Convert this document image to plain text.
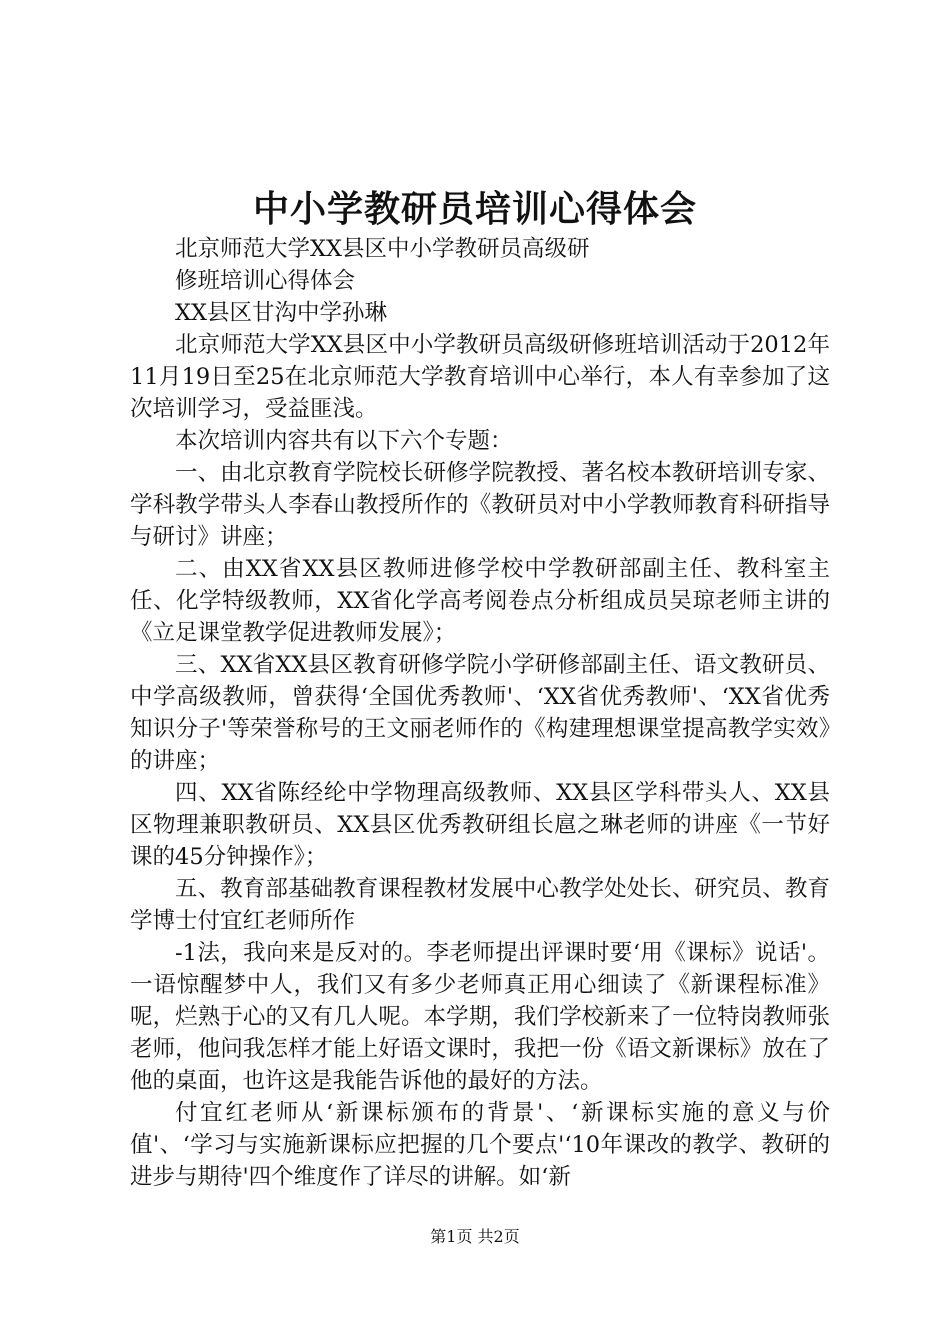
中小学教研员培训心得体会

北京师范大学XX县区中小学教研员高级研

修班培训心得体会

XX县区甘沟中学孙琳

北京师范大学XX县区中小学教研员高级研修班培训活动于2012年11月19日至25在北京师范大学教育培训中心举行，本人有幸参加了这次培训学习，受益匪浅。

本次培训内容共有以下六个专题：

一、由北京教育学院校长研修学院教授、著名校本教研培训专家、学科教学带头人李春山教授所作的《教研员对中小学教师教育科研指导与研讨》讲座；

二、由XX省XX县区教师进修学校中学教研部副主任、教科室主任、化学特级教师，XX省化学高考阅卷点分析组成员吴琼老师主讲的《立足课堂教学促进教师发展》；

三、XX省XX县区教育研修学院小学研修部副主任、语文教研员、中学高级教师，曾获得‘全国优秀教师'、‘XX省优秀教师'、‘XX省优秀知识分子'等荣誉称号的王文丽老师作的《构建理想课堂提高教学实效》的讲座；

四、XX省陈经纶中学物理高级教师、XX县区学科带头人、XX县区物理兼职教研员、XX县区优秀教研组长扈之琳老师的讲座《一节好课的45分钟操作》；

五、教育部基础教育课程教材发展中心教学处处长、研究员、教育学博士付宜红老师所作

-1法，我向来是反对的。李老师提出评课时要‘用《课标》说话'。一语惊醒梦中人，我们又有多少老师真正用心细读了《新课程标准》呢，烂熟于心的又有几人呢。本学期，我们学校新来了一位特岗教师张老师，他问我怎样才能上好语文课时，我把一份《语文新课标》放在了他的桌面，也许这是我能告诉他的最好的方法。

付宜红老师从‘新课标颁布的背景'、‘新课标实施的意义与价值'、‘学习与实施新课标应把握的几个要点'‘10年课改的教学、教研的进步与期待'四个维度作了详尽的讲解。如‘新

第1页 共2页
